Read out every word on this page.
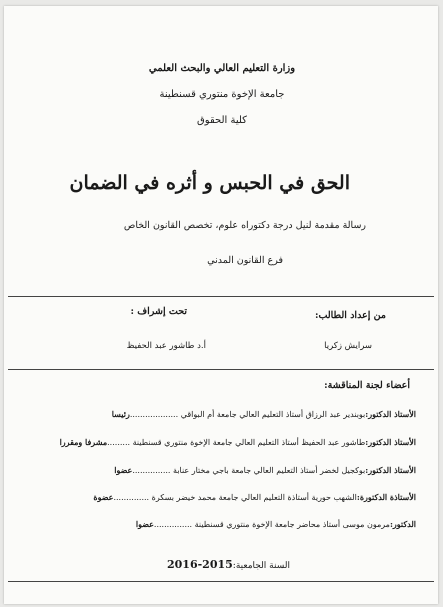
وزارة التعليم العالي والبحث العلمي
جامعة الإخوة منتوري قسنطينة
كلية الحقوق
الحق في الحبس و أثره في الضمان
رسالة مقدمة لنيل درجة دكتوراه علوم، تخصص القانون الخاص
فرع القانون المدني
من إعداد الطالب:
تحت إشراف :
سرايش زكريا
أ.د طاشور عبد الحفيظ
أعضاء لجنة المناقشة:
الأستاذ الدكتور:بوبندير عبد الرزاق أستاذ التعليم العالي جامعة أم البواقي ...................رئيسا
الأستاذ الدكتور:طاشور عبد الحفيظ أستاذ التعليم العالي جامعة الإخوة منتوري قسنطينة .........مشرفا ومقررا
الأستاذ الدكتور:بوكجيل لخضر أستاذ التعليم العالي جامعة باجي مختار عنابة ...............عضوا
الأستاذة الدكتورة:الشهب حورية أستاذة التعليم العالي جامعة محمد خيضر بسكرة ..............عضوة
الدكتور:مرمون موسى أستاذ محاضر جامعة الإخوة منتوري قسنطينة ...............عضوا
السنة الجامعية:2016-2015
